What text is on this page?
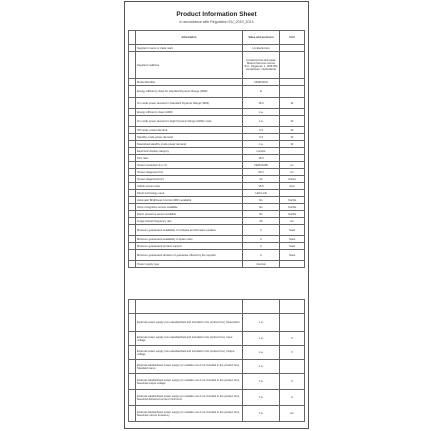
Product Information Sheet
in accordance with Regulation EU_2019_2013
	Information	Value and precision	Unit
	Supplier's name or trade mark	LG Electronics	
	Supplier's address	LG Electronics European Shared Services Center B.V., Krijgsman 1, 1186 DM Amstelveen, Netherlands	
	Model identifier	24MK400H	
	Energy efficiency class for standard Dynamic Range (SDR)	E	
	On mode power demand in Standard Dynamic Range (SDR)	18.2	W
	Energy efficiency class (HDR)	n.a.	
	On mode power demand in High Dynamic Range (HDR) mode	n.a.	W
	Off mode, power demand	0.3	W
	Standby mode power demand	0.3	W
	Networked standby mode power demand	n.a.	W
	Electronic display category	monitor	
	Size ratio	16:9	
	Screen resolution (H x V)	1920X1080	px
	Screen diagonal (Cm)	60.4	cm
	Screen diagonal (inch)	24	inches
	Visible screen area	15.5	dm2
	Panel technology used	LED LCD	
	Automatic Brightness Control (ABC) available	No	Yes/No
	Voice recognition sensor available	No	Yes/No
	Room presence sensor available	No	Yes/No
	Image refresh frequency rate	60	Hz
	Minimum guaranteed availability of software and firmware updates	0	Years
	Minimum guaranteed availability of spare parts	0	Years
	Minimum guaranteed product support	0	Years
	Minimum guaranteed duration of guarantee offered by the supplier	0	Years
	Power supply type	internal	

	External power supply (non-standardised and included in the product box), Description	n.a.	
	External power supply (non-standardised and included in the product box), Input voltage	n.a.	V
	External power supply (non-standardised and included in the product box), Output voltage	n.a.	V
	External standardised power supply (or suitable one if not included in the product box), Standard name	n.a.	
	External standardised power supply (or suitable one if not included in the product box), Required output voltage	n.a.	V
	External standardised power supply (or suitable one if not included in the product box), Required delivered current (minimum)	n.a.	A
	External standardised power supply (or suitable one if not included in the product box), Required current frequency	n.a.	Hz
